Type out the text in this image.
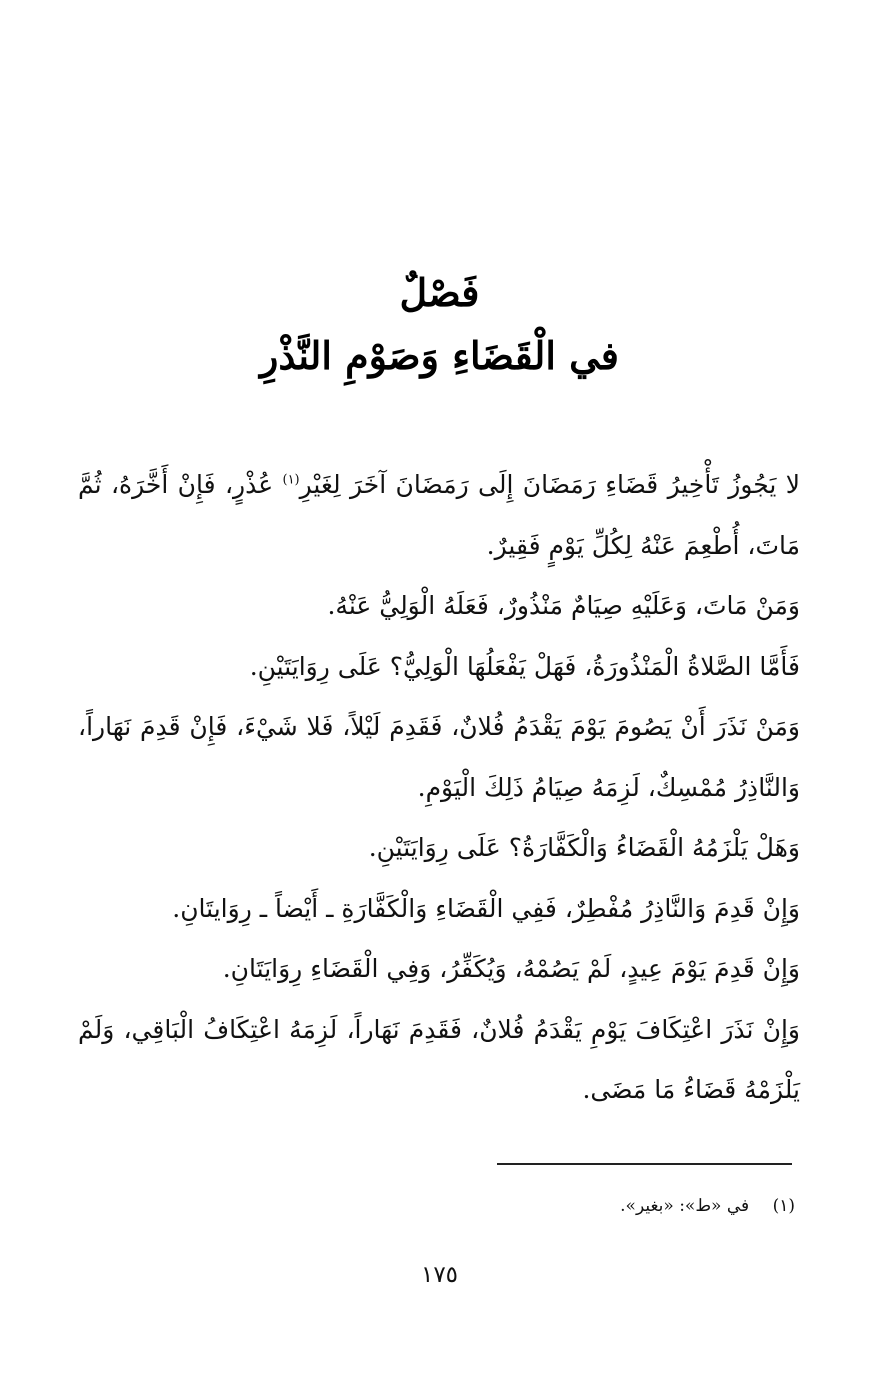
فَصْلٌ
في الْقَضَاءِ وَصَوْمِ النَّذْرِ

لا يَجُوزُ تَأْخِيرُ قَضَاءِ رَمَضَانَ إِلَى رَمَضَانَ آخَرَ لِغَيْرِ$^{(١)}$ عُذْرٍ، فَإِنْ أَخَّرَهُ، ثُمَّ مَاتَ، أُطْعِمَ عَنْهُ لِكُلِّ يَوْمٍ فَقِيرٌ.

وَمَنْ مَاتَ، وَعَلَيْهِ صِيَامٌ مَنْذُورٌ، فَعَلَهُ الْوَلِيُّ عَنْهُ.

فَأَمَّا الصَّلاةُ الْمَنْذُورَةُ، فَهَلْ يَفْعَلُهَا الْوَلِيُّ؟ عَلَى رِوَايَتَيْنِ.

وَمَنْ نَذَرَ أَنْ يَصُومَ يَوْمَ يَقْدَمُ فُلانٌ، فَقَدِمَ لَيْلاً، فَلا شَيْءَ، فَإِنْ قَدِمَ نَهَاراً، وَالنَّاذِرُ مُمْسِكٌ، لَزِمَهُ صِيَامُ ذَلِكَ الْيَوْمِ.

وَهَلْ يَلْزَمُهُ الْقَضَاءُ وَالْكَفَّارَةُ؟ عَلَى رِوَايَتَيْنِ.

وَإِنْ قَدِمَ وَالنَّاذِرُ مُفْطِرٌ، فَفِي الْقَضَاءِ وَالْكَفَّارَةِ ـ أَيْضاً ـ رِوَايتَانِ.

وَإِنْ قَدِمَ يَوْمَ عِيدٍ، لَمْ يَصُمْهُ، وَيُكَفِّرُ، وَفِي الْقَضَاءِ رِوَايَتَانِ.

وَإِنْ نَذَرَ اعْتِكَافَ يَوْمِ يَقْدَمُ فُلانٌ، فَقَدِمَ نَهَاراً، لَزِمَهُ اعْتِكَافُ الْبَاقِي، وَلَمْ يَلْزَمْهُ قَضَاءُ مَا مَضَى.

(١) في «ط»: «بغير».
١٧٥
